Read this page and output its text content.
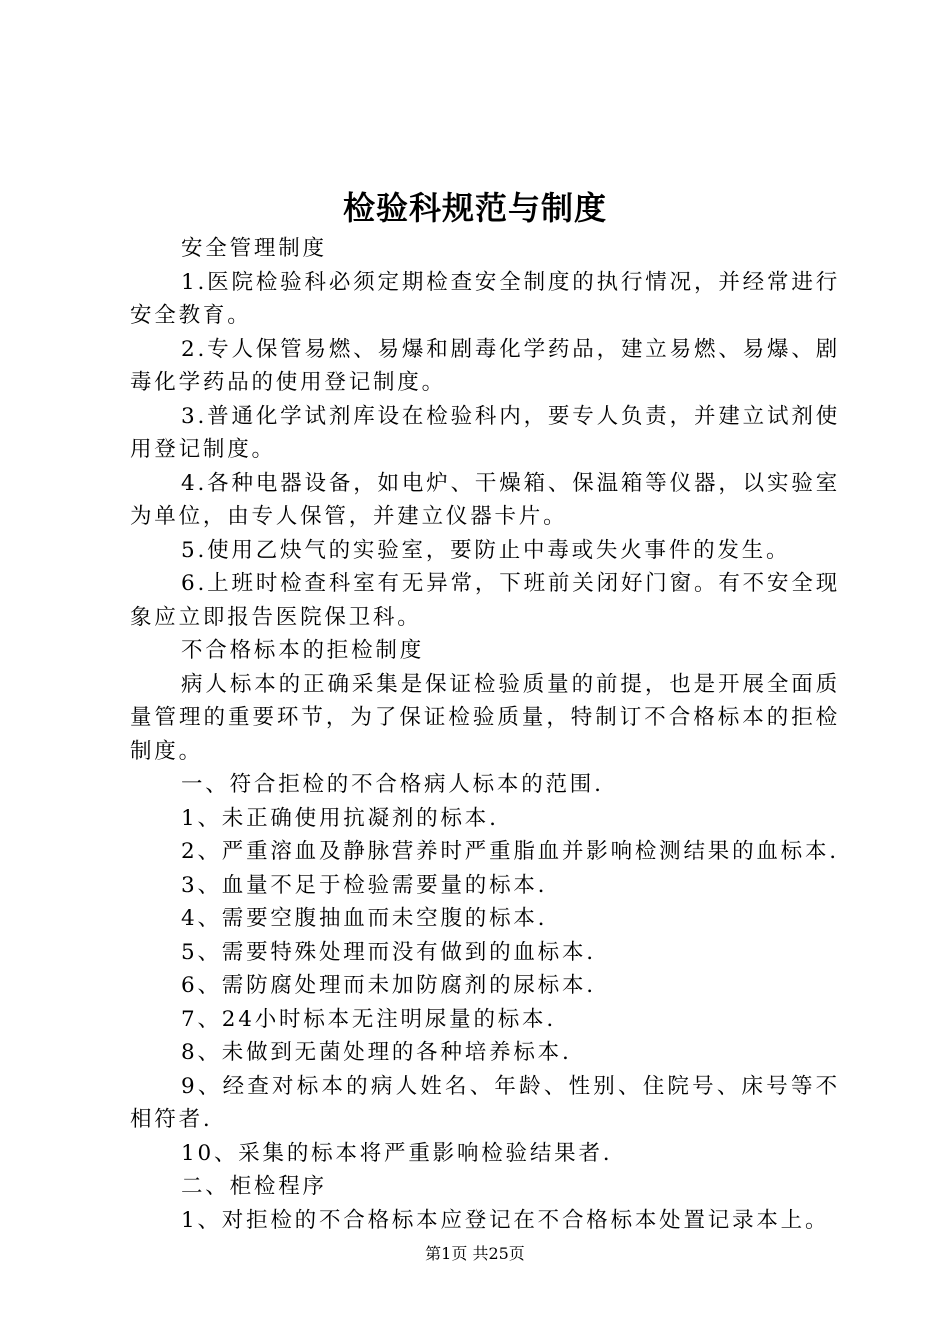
检验科规范与制度

安全管理制度

1.医院检验科必须定期检查安全制度的执行情况，并经常进行安全教育。

2.专人保管易燃、易爆和剧毒化学药品，建立易燃、易爆、剧毒化学药品的使用登记制度。

3.普通化学试剂库设在检验科内，要专人负责，并建立试剂使用登记制度。

4.各种电器设备，如电炉、干燥箱、保温箱等仪器，以实验室为单位，由专人保管，并建立仪器卡片。

5.使用乙炔气的实验室，要防止中毒或失火事件的发生。

6.上班时检查科室有无异常，下班前关闭好门窗。有不安全现象应立即报告医院保卫科。

不合格标本的拒检制度

病人标本的正确采集是保证检验质量的前提，也是开展全面质量管理的重要环节，为了保证检验质量，特制订不合格标本的拒检制度。

一、符合拒检的不合格病人标本的范围.

1、未正确使用抗凝剂的标本.

2、严重溶血及静脉营养时严重脂血并影响检测结果的血标本.

3、血量不足于检验需要量的标本.

4、需要空腹抽血而未空腹的标本.

5、需要特殊处理而没有做到的血标本.

6、需防腐处理而未加防腐剂的尿标本.

7、24小时标本无注明尿量的标本.

8、未做到无菌处理的各种培养标本.

9、经查对标本的病人姓名、年龄、性别、住院号、床号等不相符者.

10、采集的标本将严重影响检验结果者.

二、柜检程序

1、对拒检的不合格标本应登记在不合格标本处置记录本上。

第1页 共25页
